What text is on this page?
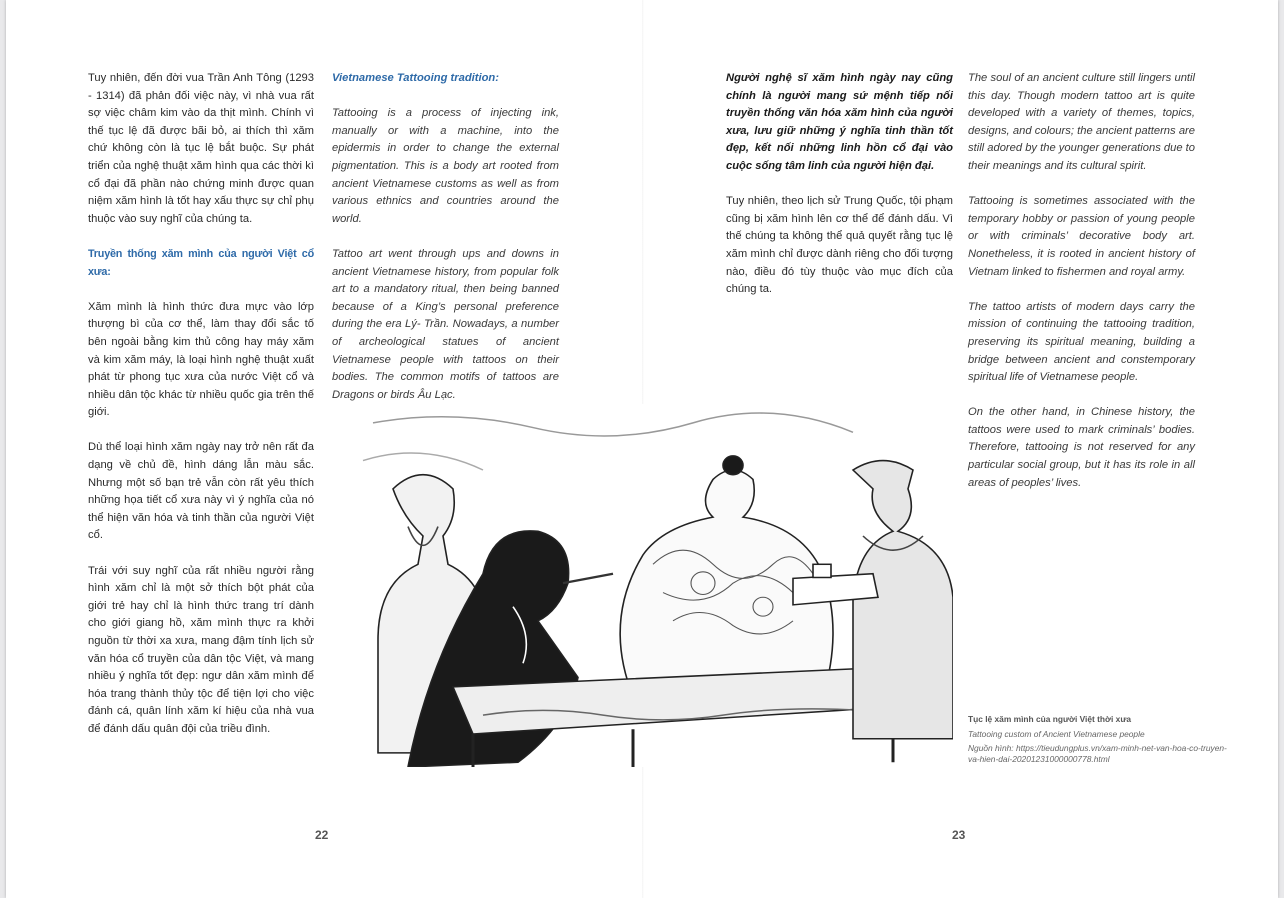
Tuy nhiên, đến đời vua Trần Anh Tông (1293 - 1314) đã phản đối việc này, vì nhà vua rất sợ việc châm kim vào da thịt mình. Chính vì thế tục lệ đã được bãi bỏ, ai thích thì xăm chứ không còn là tục lệ bắt buộc. Sự phát triển của nghệ thuật xăm hình qua các thời kì cổ đại đã phần nào chứng minh được quan niệm xăm hình là tốt hay xấu thực sự chỉ phụ thuộc vào suy nghĩ của chúng ta.

Truyền thống xăm mình của người Việt cổ xưa:

Xăm mình là hình thức đưa mực vào lớp thượng bì của cơ thể, làm thay đổi sắc tố bên ngoài bằng kim thủ công hay máy xăm và kim xăm máy, là loại hình nghệ thuật xuất phát từ phong tục xưa của nước Việt cổ và nhiều dân tộc khác từ nhiều quốc gia trên thế giới.

Dù thể loại hình xăm ngày nay trở nên rất đa dạng về chủ đề, hình dáng lẫn màu sắc. Nhưng một số bạn trẻ vẫn còn rất yêu thích những họa tiết cổ xưa này vì ý nghĩa của nó thể hiện văn hóa và tinh thần của người Việt cổ.

Trái với suy nghĩ của rất nhiều người rằng hình xăm chỉ là một sở thích bột phát của giới trẻ hay chỉ là hình thức trang trí dành cho giới giang hồ, xăm mình thực ra khởi nguồn từ thời xa xưa, mang đậm tính lịch sử văn hóa cổ truyền của dân tộc Việt, và mang nhiều ý nghĩa tốt đẹp: ngư dân xăm mình để hóa trang thành thủy tộc để tiện lợi cho việc đánh cá, quân lính xăm kí hiệu của nhà vua để đánh dấu quân đội của triều đình.

Vietnamese Tattooing tradition:

Tattooing is a process of injecting ink, manually or with a machine, into the epidermis in order to change the external pigmentation. This is a body art rooted from ancient Vietnamese customs as well as from various ethnics and countries around the world.

Tattoo art went through ups and downs in ancient Vietnamese history, from popular folk art to a mandatory ritual, then being banned because of a King’s personal preference during the era Lý- Trần. Nowadays, a number of archeological statues of ancient Vietnamese people with tattoos on their bodies. The common motifs of tattoos are Dragons or birds Âu Lạc.

Người nghệ sĩ xăm hình ngày nay cũng chính là người mang sứ mệnh tiếp nối truyền thống văn hóa xăm hình của người xưa, lưu giữ những ý nghĩa tinh thần tốt đẹp, kết nối những linh hồn cổ đại vào cuộc sống tâm linh của người hiện đại.

Tuy nhiên, theo lịch sử Trung Quốc, tội phạm cũng bị xăm hình lên cơ thể để đánh dấu. Vì thế chúng ta không thể quả quyết rằng tục lệ xăm mình chỉ được dành riêng cho đối tượng nào, điều đó tùy thuộc vào mục đích của chúng ta.

The soul of an ancient culture still lingers until this day. Though modern tattoo art is quite developed with a variety of themes, topics, designs, and colours; the ancient patterns are still adored by the younger generations due to their meanings and its cultural spirit.

Tattooing is sometimes associated with the temporary hobby or passion of young people or with criminals’ decorative body art. Nonetheless, it is rooted in ancient history of Vietnam linked to fishermen and royal army.

The tattoo artists of modern days carry the mission of continuing the tattooing tradition, preserving its spiritual meaning, building a bridge between ancient and constemporary spiritual life of Vietnamese people.

On the other hand, in Chinese history, the tattoos were used to mark criminals’ bodies. Therefore, tattooing is not reserved for any particular social group, but it has its role in all areas of peoples’ lives.

Tục lệ xăm mình của người Việt thời xưa
Tattooing custom of Ancient Vietnamese people
Nguồn hình: https://tieudungplus.vn/xam-minh-net-van-hoa-co-truyen-va-hien-dai-20201231000000778.html
22	23
